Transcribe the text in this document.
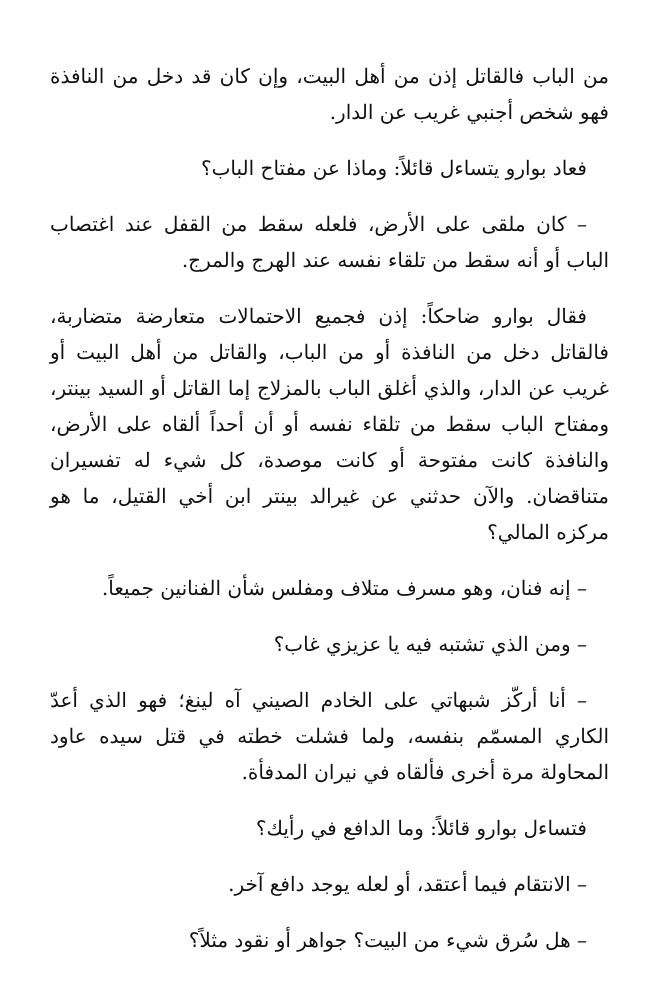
من الباب فالقاتل إذن من أهل البيت، وإن كان قد دخل من النافذة فهو شخص أجنبي غريب عن الدار.

فعاد بوارو يتساءل قائلاً: وماذا عن مفتاح الباب؟

– كان ملقى على الأرض، فلعله سقط من القفل عند اغتصاب الباب أو أنه سقط من تلقاء نفسه عند الهرج والمرج.

فقال بوارو ضاحكاً: إذن فجميع الاحتمالات متعارضة متضاربة، فالقاتل دخل من النافذة أو من الباب، والقاتل من أهل البيت أو غريب عن الدار، والذي أغلق الباب بالمزلاج إما القاتل أو السيد بينتر، ومفتاح الباب سقط من تلقاء نفسه أو أن أحداً ألقاه على الأرض، والنافذة كانت مفتوحة أو كانت موصدة، كل شيء له تفسيران متناقضان. والآن حدثني عن غيرالد بينتر ابن أخي القتيل، ما هو مركزه المالي؟

– إنه فنان، وهو مسرف متلاف ومفلس شأن الفنانين جميعاً.

– ومن الذي تشتبه فيه يا عزيزي غاب؟

– أنا أركّز شبهاتي على الخادم الصيني آه لينغ؛ فهو الذي أعدّ الكاري المسمّم بنفسه، ولما فشلت خطته في قتل سيده عاود المحاولة مرة أخرى فألقاه في نيران المدفأة.

فتساءل بوارو قائلاً: وما الدافع في رأيك؟

– الانتقام فيما أعتقد، أو لعله يوجد دافع آخر.

– هل سُرق شيء من البيت؟ جواهر أو نقود مثلاً؟
